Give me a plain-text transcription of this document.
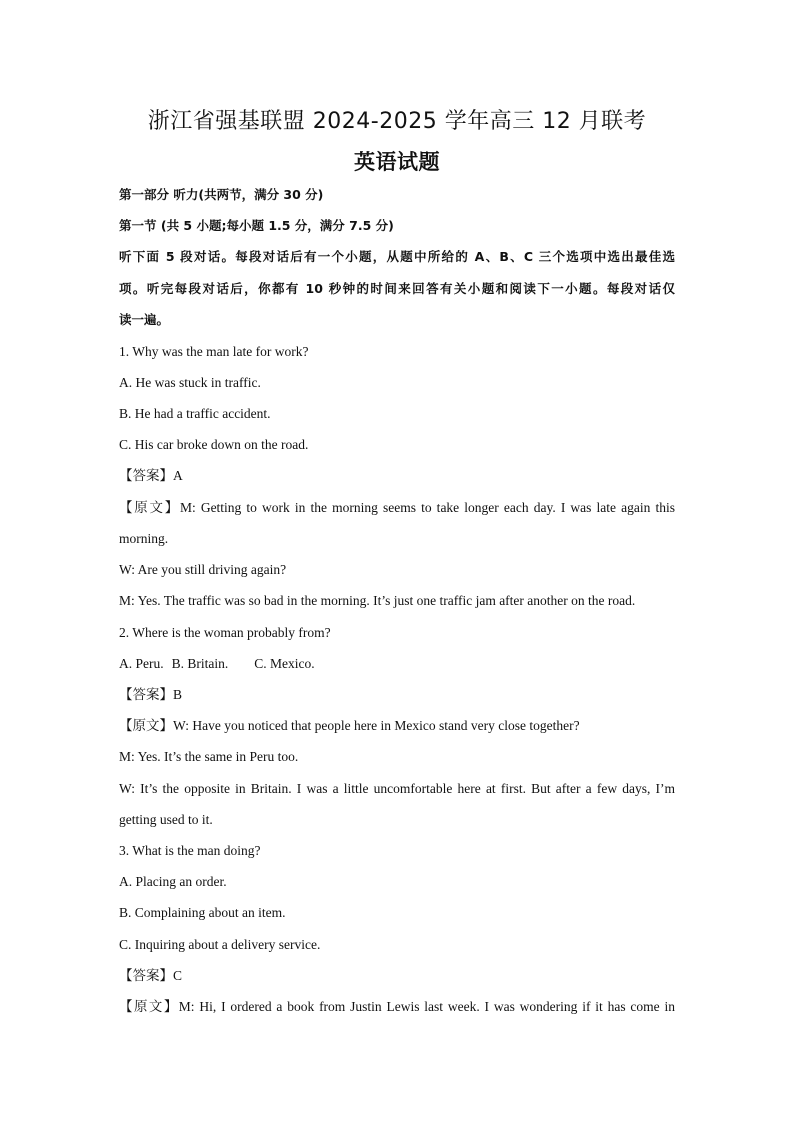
浙江省强基联盟 2024-2025 学年高三 12 月联考
英语试题
第一部分 听力(共两节，满分 30 分)
第一节 (共 5 小题;每小题 1.5 分，满分 7.5 分)
听下面 5 段对话。每段对话后有一个小题，从题中所给的 A、B、C 三个选项中选出最佳选
项。听完每段对话后，你都有 10 秒钟的时间来回答有关小题和阅读下一小题。每段对话仅
读一遍。
1. Why was the man late for work?
A. He was stuck in traffic.
B. He had a traffic accident.
C. His car broke down on the road.
【答案】A
【原文】M: Getting to work in the morning seems to take longer each day. I was late again this
morning.
W: Are you still driving again?
M: Yes. The traffic was so bad in the morning. It’s just one traffic jam after another on the road.
2. Where is the woman probably from?
A. Peru. B. Britain. C. Mexico.
【答案】B
【原文】W: Have you noticed that people here in Mexico stand very close together?
M: Yes. It’s the same in Peru too.
W: It’s the opposite in Britain. I was a little uncomfortable here at first. But after a few days, I’m
getting used to it.
3. What is the man doing?
A. Placing an order.
B. Complaining about an item.
C. Inquiring about a delivery service.
【答案】C
【原文】M: Hi, I ordered a book from Justin Lewis last week. I was wondering if it has come in
